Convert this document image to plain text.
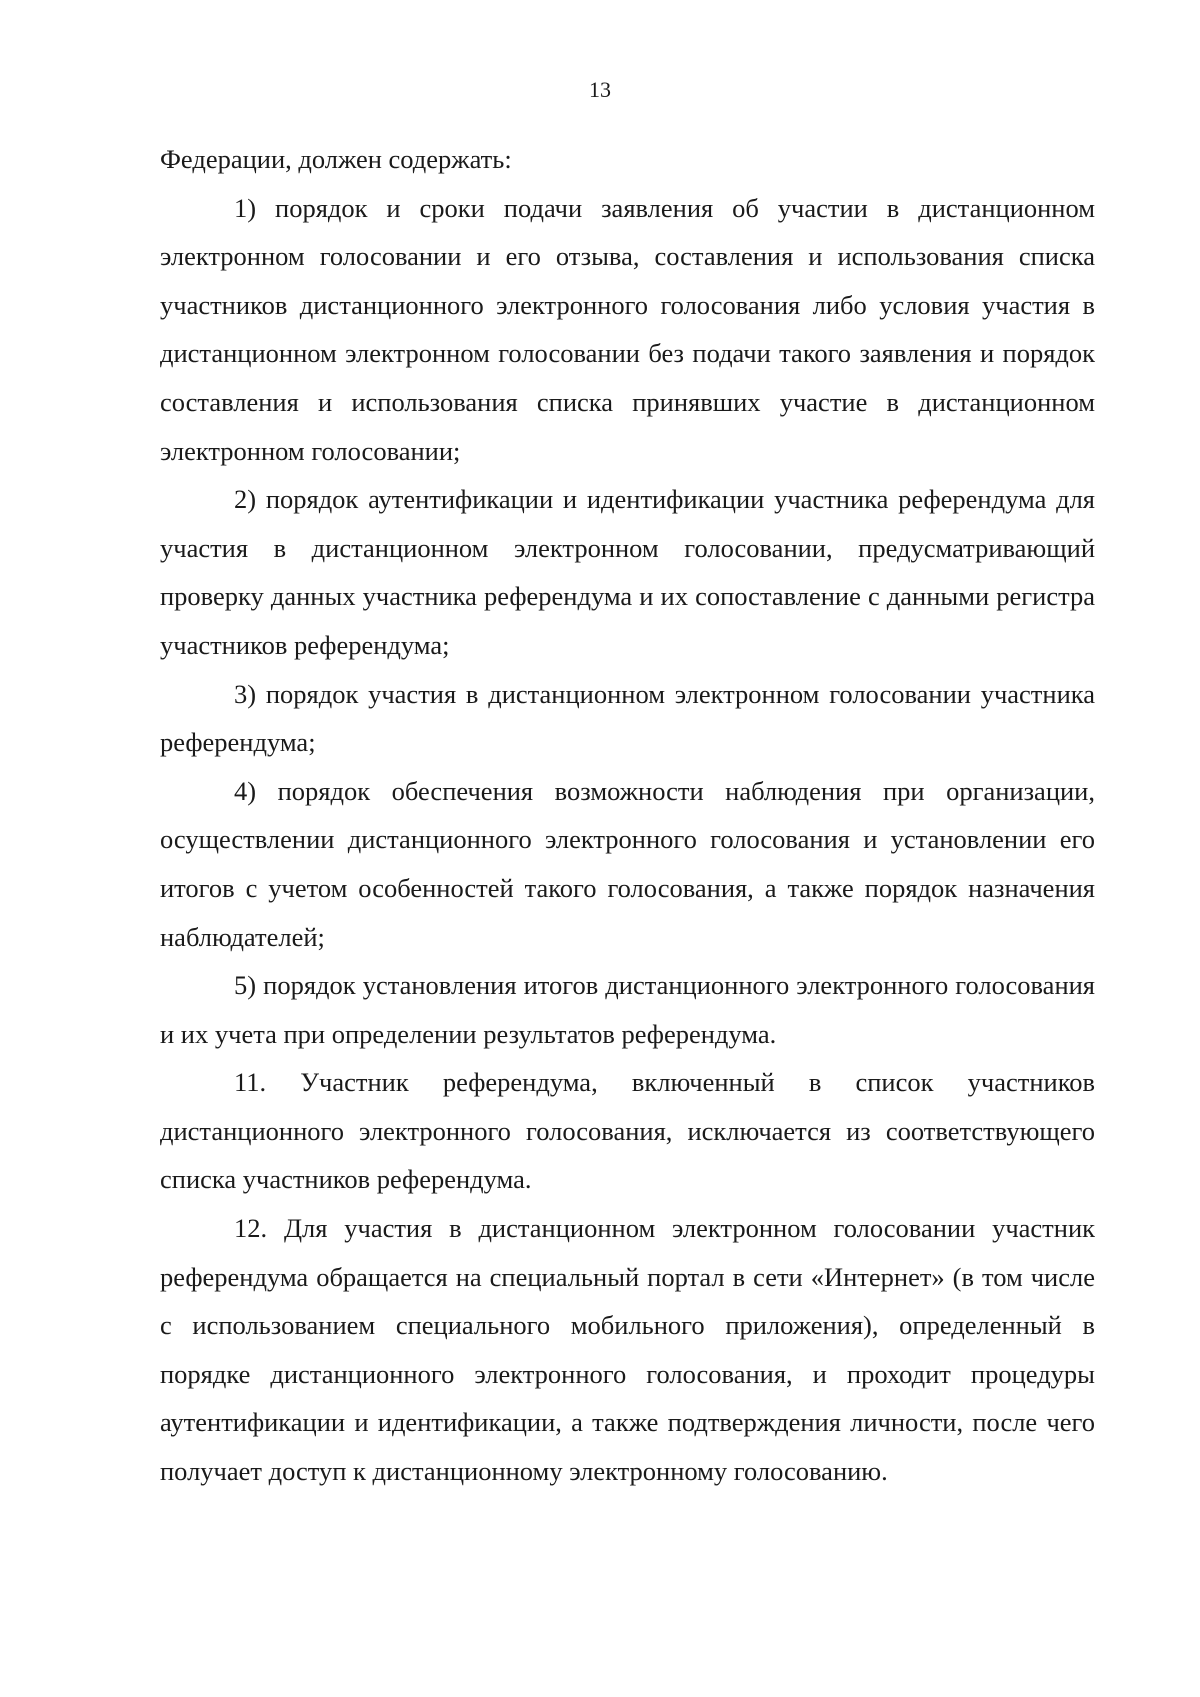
13

Федерации, должен содержать:

1) порядок и сроки подачи заявления об участии в дистанционном электронном голосовании и его отзыва, составления и использования списка участников дистанционного электронного голосования либо условия участия в дистанционном электронном голосовании без подачи такого заявления и порядок составления и использования списка принявших участие в дистанционном электронном голосовании;

2) порядок аутентификации и идентификации участника референдума для участия в дистанционном электронном голосовании, предусматривающий проверку данных участника референдума и их сопоставление с данными регистра участников референдума;

3) порядок участия в дистанционном электронном голосовании участника референдума;

4) порядок обеспечения возможности наблюдения при организации, осуществлении дистанционного электронного голосования и установлении его итогов с учетом особенностей такого голосования, а также порядок назначения наблюдателей;

5) порядок установления итогов дистанционного электронного голосования и их учета при определении результатов референдума.

11. Участник референдума, включенный в список участников дистанционного электронного голосования, исключается из соответствующего списка участников референдума.

12. Для участия в дистанционном электронном голосовании участник референдума обращается на специальный портал в сети «Интернет» (в том числе с использованием специального мобильного приложения), определенный в порядке дистанционного электронного голосования, и проходит процедуры аутентификации и идентификации, а также подтверждения личности, после чего получает доступ к дистанционному электронному голосованию.
